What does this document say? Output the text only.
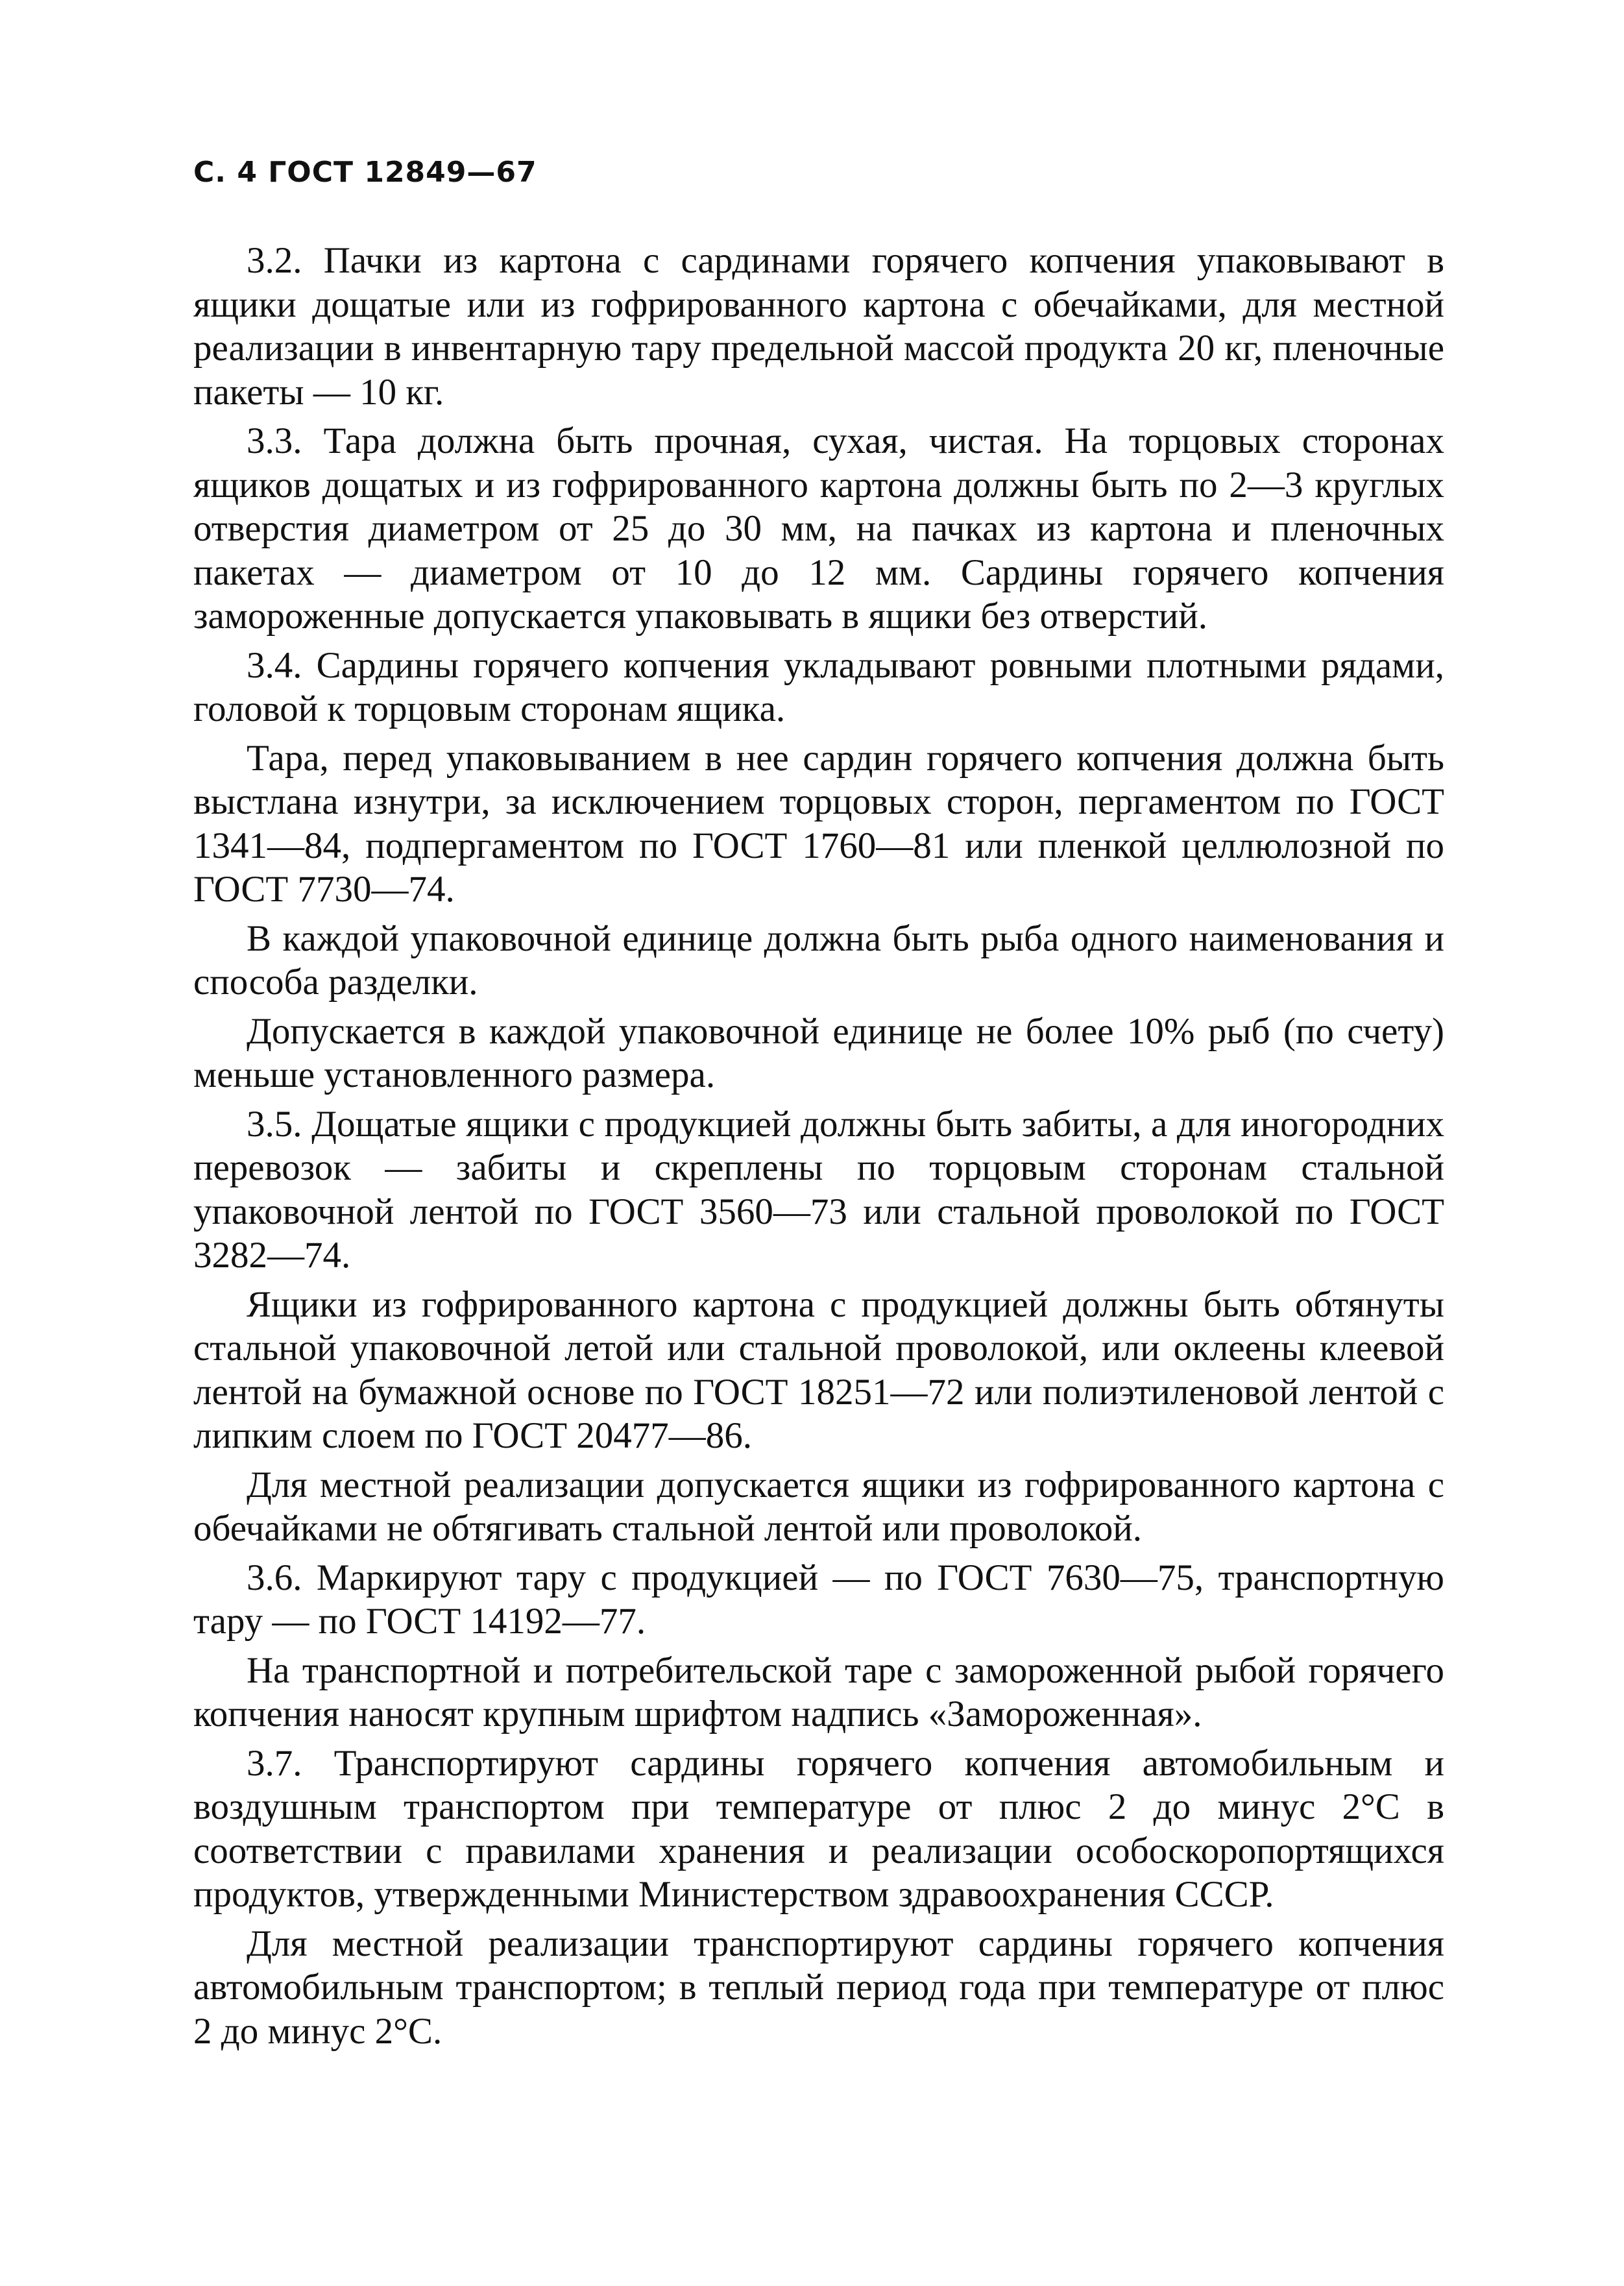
С. 4 ГОСТ 12849—67

3.2. Пачки из картона с сардинами горячего копчения упаковывают в ящики дощатые или из гофрированного картона с обечайками, для местной реализации в инвентарную тару предельной массой продукта 20 кг, пленочные пакеты — 10 кг.

3.3. Тара должна быть прочная, сухая, чистая. На торцовых сторонах ящиков дощатых и из гофрированного картона должны быть по 2—3 круглых отверстия диаметром от 25 до 30 мм, на пачках из картона и пленочных пакетах — диаметром от 10 до 12 мм. Сардины горячего копчения замороженные допускается упаковывать в ящики без отверстий.

3.4. Сардины горячего копчения укладывают ровными плотными рядами, головой к торцовым сторонам ящика.

Тара, перед упаковыванием в нее сардин горячего копчения должна быть выстлана изнутри, за исключением торцовых сторон, пергаментом по ГОСТ 1341—84, подпергаментом по ГОСТ 1760—81 или пленкой целлюлозной по ГОСТ 7730—74.

В каждой упаковочной единице должна быть рыба одного наименования и способа разделки.

Допускается в каждой упаковочной единице не более 10% рыб (по счету) меньше установленного размера.

3.5. Дощатые ящики с продукцией должны быть забиты, а для иногородних перевозок — забиты и скреплены по торцовым сторонам стальной упаковочной лентой по ГОСТ 3560—73 или стальной проволокой по ГОСТ 3282—74.

Ящики из гофрированного картона с продукцией должны быть обтянуты стальной упаковочной летой или стальной проволокой, или оклеены клеевой лентой на бумажной основе по ГОСТ 18251—72 или полиэтиленовой лентой с липким слоем по ГОСТ 20477—86.

Для местной реализации допускается ящики из гофрированного картона с обечайками не обтягивать стальной лентой или проволокой.

3.6. Маркируют тару с продукцией — по ГОСТ 7630—75, транспортную тару — по ГОСТ 14192—77.

На транспортной и потребительской таре с замороженной рыбой горячего копчения наносят крупным шрифтом надпись «Замороженная».

3.7. Транспортируют сардины горячего копчения автомобильным и воздушным транспортом при температуре от плюс 2 до минус 2°С в соответствии с правилами хранения и реализации особоскоропортящихся продуктов, утвержденными Министерством здравоохранения СССР.

Для местной реализации транспортируют сардины горячего копчения автомобильным транспортом; в теплый период года при температуре от плюс 2 до минус 2°С.
